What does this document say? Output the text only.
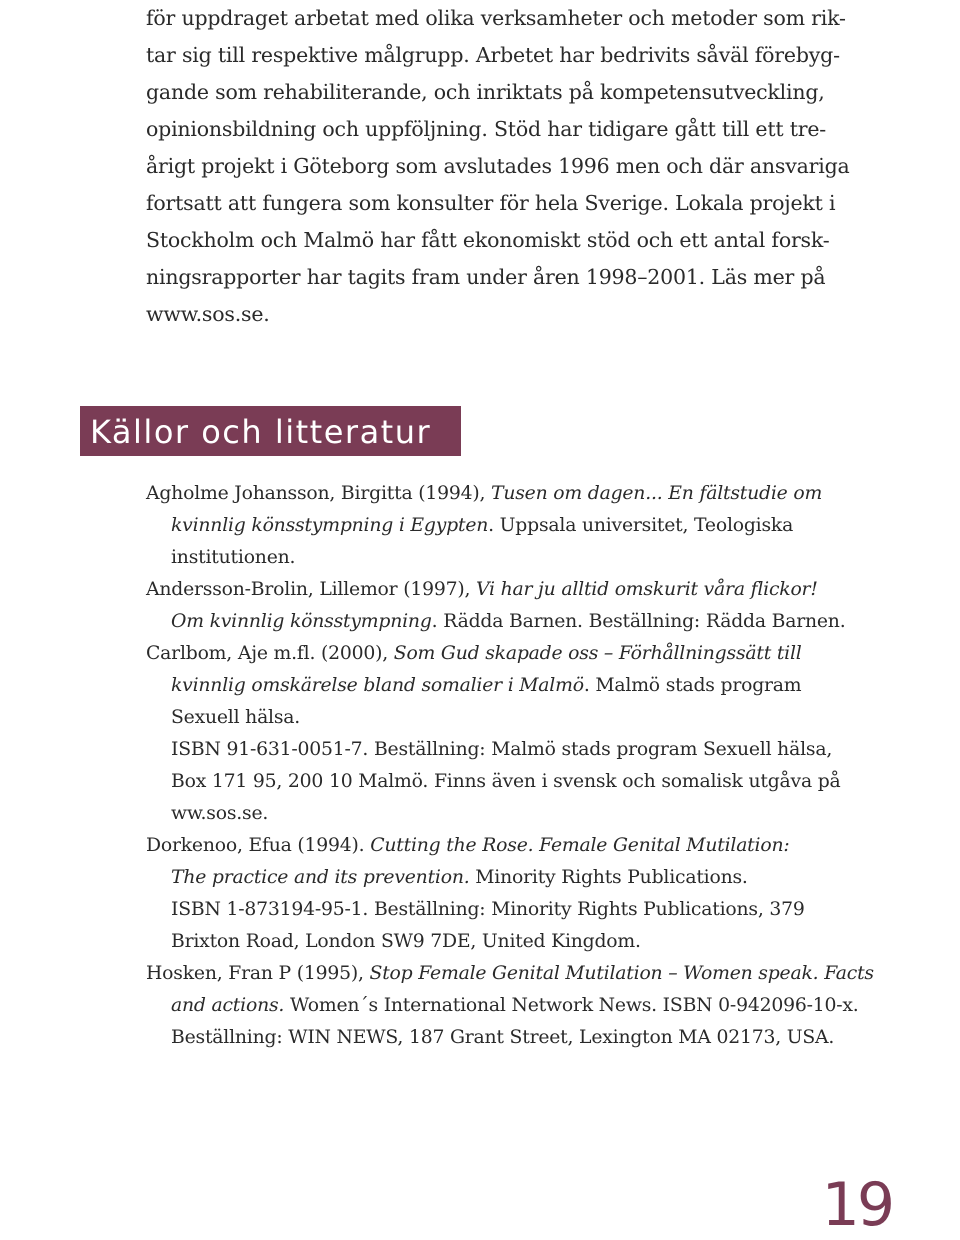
för uppdraget arbetat med olika verksamheter och metoder som rik-
tar sig till respektive målgrupp. Arbetet har bedrivits såväl förebyg-
gande som rehabiliterande, och inriktats på kompetensutveckling,
opinionsbildning och uppföljning. Stöd har tidigare gått till ett tre-
årigt projekt i Göteborg som avslutades 1996 men och där ansvariga
fortsatt att fungera som konsulter för hela Sverige. Lokala projekt i
Stockholm och Malmö har fått ekonomiskt stöd och ett antal forsk-
ningsrapporter har tagits fram under åren 1998–2001. Läs mer på
www.sos.se.
Källor och litteratur
Agholme Johansson, Birgitta (1994), Tusen om dagen... En fältstudie om
kvinnlig könsstympning i Egypten. Uppsala universitet, Teologiska
institutionen.
Andersson-Brolin, Lillemor (1997), Vi har ju alltid omskurit våra flickor!
Om kvinnlig könsstympning. Rädda Barnen. Beställning: Rädda Barnen.
Carlbom, Aje m.fl. (2000), Som Gud skapade oss – Förhållningssätt till
kvinnlig omskärelse bland somalier i Malmö. Malmö stads program
Sexuell hälsa.
ISBN 91-631-0051-7. Beställning: Malmö stads program Sexuell hälsa,
Box 171 95, 200 10 Malmö. Finns även i svensk och somalisk utgåva på
ww.sos.se.
Dorkenoo, Efua (1994). Cutting the Rose. Female Genital Mutilation:
The practice and its prevention. Minority Rights Publications.
ISBN 1-873194-95-1. Beställning: Minority Rights Publications, 379
Brixton Road, London SW9 7DE, United Kingdom.
Hosken, Fran P (1995), Stop Female Genital Mutilation – Women speak. Facts
and actions. Women´s International Network News. ISBN 0-942096-10-x.
Beställning: WIN NEWS, 187 Grant Street, Lexington MA 02173, USA.
19
